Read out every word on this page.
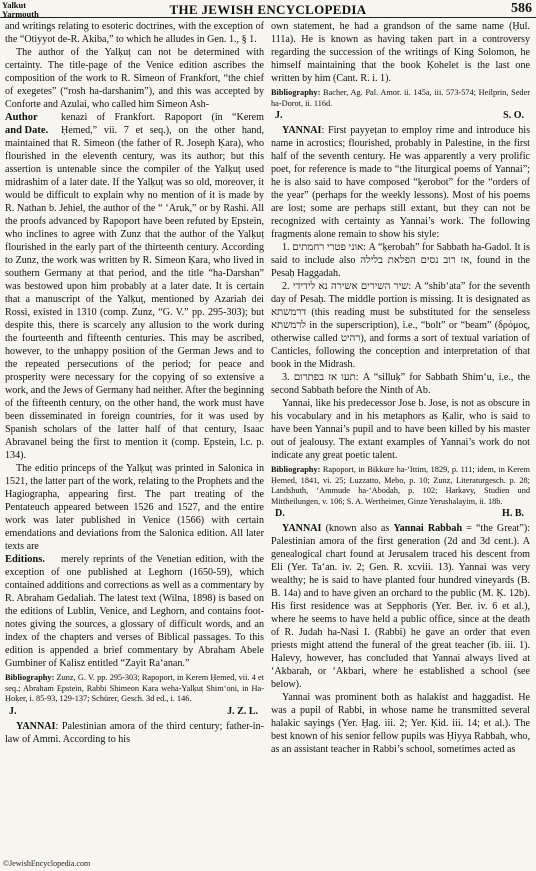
Yalkut
Yarmouth	THE JEWISH ENCYCLOPEDIA	586

and writings relating to esoteric doctrines, with the exception of the “Otiyyot de-R. Akiba,” to which he alludes in Gen. 1., § 1.

The author of the Yalḳuṭ can not be determined with certainty. The title-page of the Venice edition ascribes the composition of the work to R. Simeon of Frankfort, “the chief of exegetes” (“rosh ha-darshanim”), and this was accepted by Conforte and Azulai, who called him Simeon Ash-

Author and Date.
kenazi of Frankfort. Rapoport (in “Kerem Ḥemed,” vii. 7 et seq.), on the other hand, maintained that R. Simeon (the father of R. Joseph Ḳara), who flourished in the eleventh century, was its author; but this assertion is untenable since the compiler of the Yalḳuṭ used midrashim of a later date. If the Yalḳuṭ was so old, moreover, it would be difficult to explain why no mention of it is made by R. Nathan b. Jehiel, the author of the “ ‘Aruk,” or by Rashi. All the proofs advanced by Rapoport have been refuted by Epstein, who inclines to agree with Zunz that the author of the Yalḳuṭ flourished in the early part of the thirteenth century. According to Zunz, the work was written by R. Simeon Ḳara, who lived in southern Germany at that period, and the title “ha-Darshan” was bestowed upon him probably at a later date. It is certain that a manuscript of the Yalḳuṭ, mentioned by Azariah dei Rossi, existed in 1310 (comp. Zunz, “G. V.” pp. 295-303); but despite this, there is scarcely any allusion to the work during the fourteenth and fifteenth centuries. This may be ascribed, however, to the unhappy position of the German Jews and to the repeated persecutions of the period; for peace and prosperity were necessary for the copying of so extensive a work, and the Jews of Germany had neither. After the beginning of the fifteenth century, on the other hand, the work must have been disseminated in foreign countries, for it was used by Spanish scholars of the latter half of that century, Isaac Abravanel being the first to mention it (comp. Epstein, l.c. p. 134).

The editio princeps of the Yalḳuṭ was printed in Salonica in 1521, the latter part of the work, relating to the Prophets and the Hagiographa, appearing first. The part treating of the Pentateuch appeared between 1526 and 1527, and the entire work was later published in Venice (1566) with certain emendations and deviations from the Salonica edition. All later texts are

Editions.	merely reprints of the Venetian edition, with the exception of one published at Leghorn (1650-59), which contained additions and corrections as well as a commentary by R. Abraham Gedaliah. The latest text (Wilna, 1898) is based on the editions of Lublin, Venice, and Leghorn, and contains foot-notes giving the sources, a glossary of difficult words, and an index of the chapters and verses of Biblical passages. To this edition is appended a brief commentary by Abraham Abele Gumbiner of Kalisz entitled “Zayit Ra‘anan.”

Bibliography: Zunz, G. V. pp. 295-303; Rapoport, in Kerem Ḥemed, vii. 4 et seq.; Abraham Epstein, Rabbi Shimeon Kara weha-Yalḳuṭ Shim‘oni, in Ha-Ḥoḳer, i. 85-93, 129-137; Schürer, Gesch. 3d ed., i. 146.

J.	J. Z. L.

YANNAI: Palestinian amora of the third century; father-in-law of Ammi. According to his

own statement, he had a grandson of the same name (Ḥul. 111a). He is known as having taken part in a controversy regarding the succession of the writings of King Solomon, he himself maintaining that the book Ḳohelet is the last one written by him (Cant. R. i. 1).

Bibliography: Bacher, Ag. Pal. Amor. ii. 145a, iii. 573-574; Heilprin, Seder ha-Dorot, ii. 116d.

J.	S. O.

YANNAI: First payyeṭan to employ rime and introduce his name in acrostics; flourished, probably in Palestine, in the first half of the seventh century. He was apparently a very prolific poet, for reference is made to “the liturgical poems of Yannai”; he is also said to have composed “ḳerobot” for the “orders of the year” (perhaps for the weekly lessons). Most of his poems are lost; some are perhaps still extant, but they can not be recognized with certainty as Yannai’s work. The following fragments alone remain to show his style:

1. אוני פטרי רחמתים: A “ḳerobah” for Sabbath ha-Gadol. It is said to include also אז רוב נסים הפלאת בלילה, found in the Pesaḥ Haggadah.

2. שיר השירים אשירה נא לידידי: A “shib‘ata” for the seventh day of Pesaḥ. The middle portion is missing. It is designated as דרמשתא (this reading must be substituted for the senseless לרמשתא in the superscription), i.e., “bolt” or “beam” (δρόμος, otherwise called רהיט), and forms a sort of textual variation of Canticles, following the conception and interpretation of that book in the Midrash.

3. תעו אז בפתרום: A “silluḳ” for Sabbath Shim‘u, i.e., the second Sabbath before the Ninth of Ab.

Yannai, like his predecessor Jose b. Jose, is not as obscure in his vocabulary and in his metaphors as Ḳalir, who is said to have been Yannai’s pupil and to have been killed by his master out of jealousy. The extant examples of Yannai’s work do not indicate any great poetic talent.

Bibliography: Rapoport, in Bikkure ha-‘Ittim, 1829, p. 111; idem, in Kerem Ḥemed, 1841, vi. 25; Luzzatto, Mebo, p. 10; Zunz, Literaturgesch. p. 28; Landshuth, ‘Ammude ha-‘Abodah, p. 102; Harkavy, Studien und Mittheilungen, v. 106; S. A. Wertheimer, Ginze Yerushalayim, ii. 18b.

D.	H. B.

YANNAI (known also as Yannai Rabbah = “the Great”): Palestinian amora of the first generation (2d and 3d cent.). A genealogical chart found at Jerusalem traced his descent from Eli (Yer. Ta‘an. iv. 2; Gen. R. xcviii. 13). Yannai was very wealthy; he is said to have planted four hundred vineyards (B. B. 14a) and to have given an orchard to the public (M. Ḳ. 12b). His first residence was at Sepphoris (Yer. Ber. iv. 6 et al.), where he seems to have held a public office, since at the death of R. Judah ha-Nasi I. (Rabbi) he gave an order that even priests might attend the funeral of the great teacher (ib. iii. 1). Halevy, however, has concluded that Yannai always lived at ‘Akbarah, or ‘Akbari, where he established a school (see below).

Yannai was prominent both as halakist and haggadist. He was a pupil of Rabbi, in whose name he transmitted several halakic sayings (Yer. Ḥag. iii. 2; Yer. Ḳid. iii. 14; et al.). The best known of his senior fellow pupils was Ḥiyya Rabbah, who, as an assistant teacher in Rabbi’s school, sometimes acted as

©JewishEncyclopedia.com
